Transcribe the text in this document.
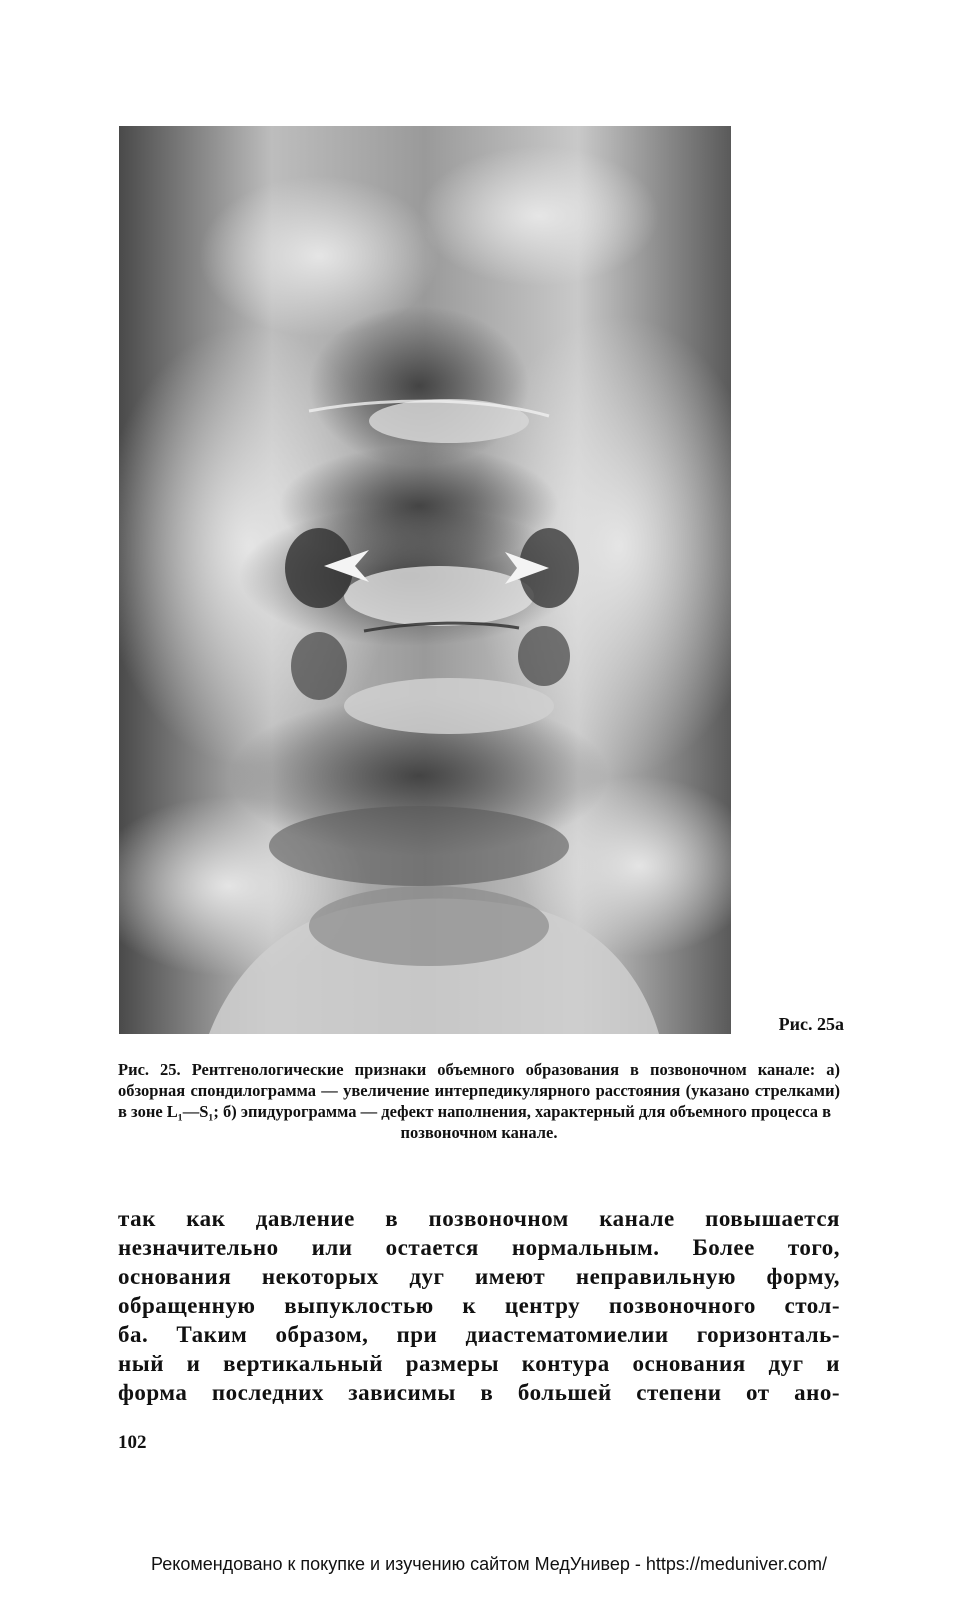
Рис. 25а
Рис. 25. Рентгенологические признаки объемного образования в позвоночном канале: а) обзорная спондилограмма — увеличение интерпедикулярного расстояния (указано стрелками) в зоне L₁—S₁; б) эпидурограмма — дефект наполнения, характерный для объемного процесса в
позвоночном канале.
так как давление в позвоночном канале повышается
незначительно или остается нормальным. Более того,
основания некоторых дуг имеют неправильную форму,
обращенную выпуклостью к центру позвоночного стол-
ба. Таким образом, при диастематомиелии горизонталь-
ный и вертикальный размеры контура основания дуг и
форма последних зависимы в большей степени от ано-
102
Рекомендовано к покупке и изучению сайтом МедУнивер - https://meduniver.com/
